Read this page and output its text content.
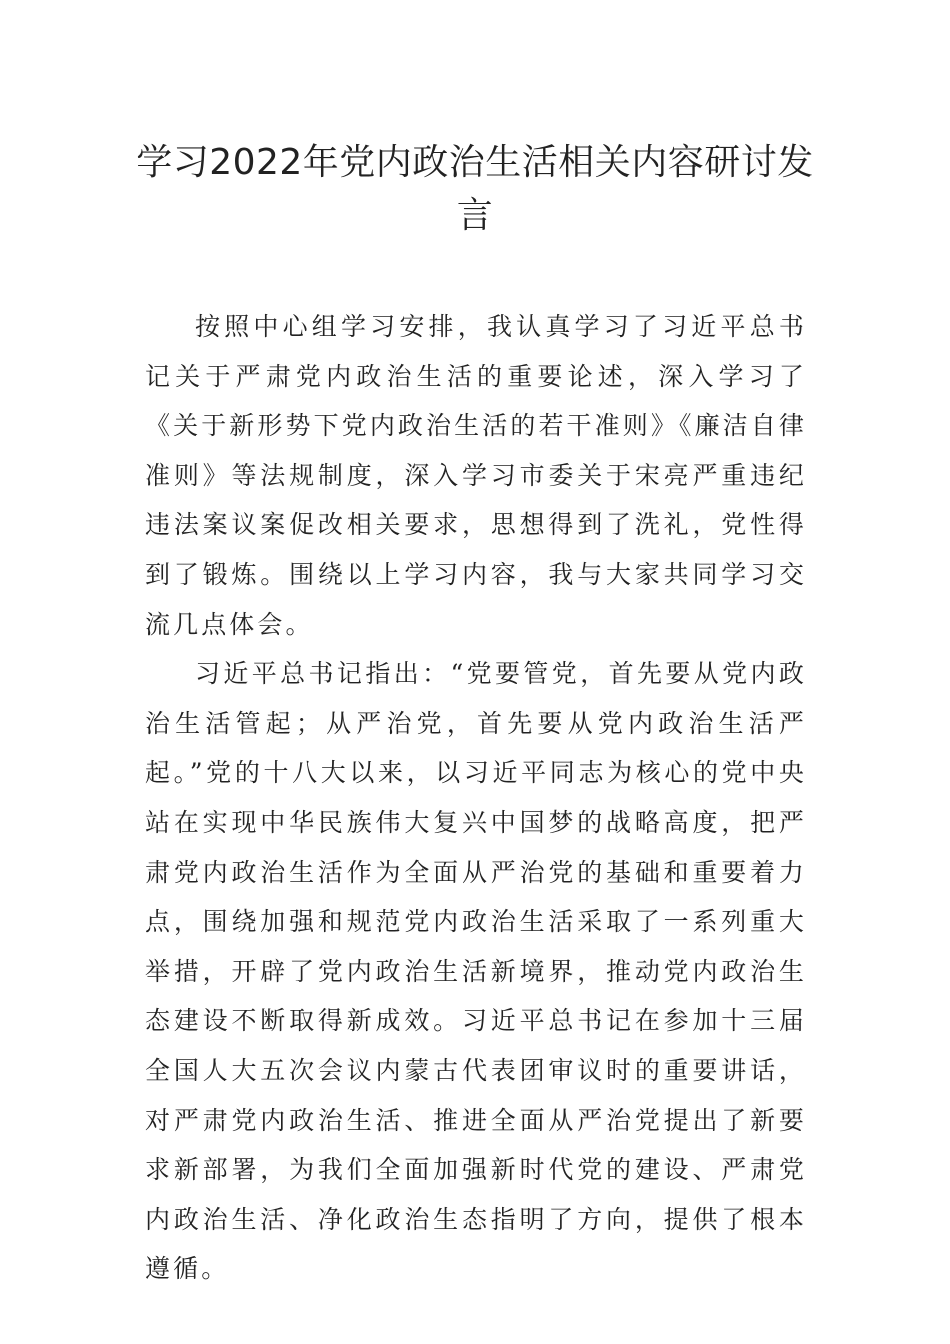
学习2022年党内政治生活相关内容研讨发言

按照中心组学习安排，我认真学习了习近平总书记关于严肃党内政治生活的重要论述，深入学习了《关于新形势下党内政治生活的若干准则》《廉洁自律准则》等法规制度，深入学习市委关于宋亮严重违纪违法案议案促改相关要求，思想得到了洗礼，党性得到了锻炼。围绕以上学习内容，我与大家共同学习交流几点体会。

习近平总书记指出：“党要管党，首先要从党内政治生活管起；从严治党，首先要从党内政治生活严起。”党的十八大以来，以习近平同志为核心的党中央站在实现中华民族伟大复兴中国梦的战略高度，把严肃党内政治生活作为全面从严治党的基础和重要着力点，围绕加强和规范党内政治生活采取了一系列重大举措，开辟了党内政治生活新境界，推动党内政治生态建设不断取得新成效。习近平总书记在参加十三届全国人大五次会议内蒙古代表团审议时的重要讲话，对严肃党内政治生活、推进全面从严治党提出了新要求新部署，为我们全面加强新时代党的建设、严肃党内政治生活、净化政治生态指明了方向，提供了根本遵循。
